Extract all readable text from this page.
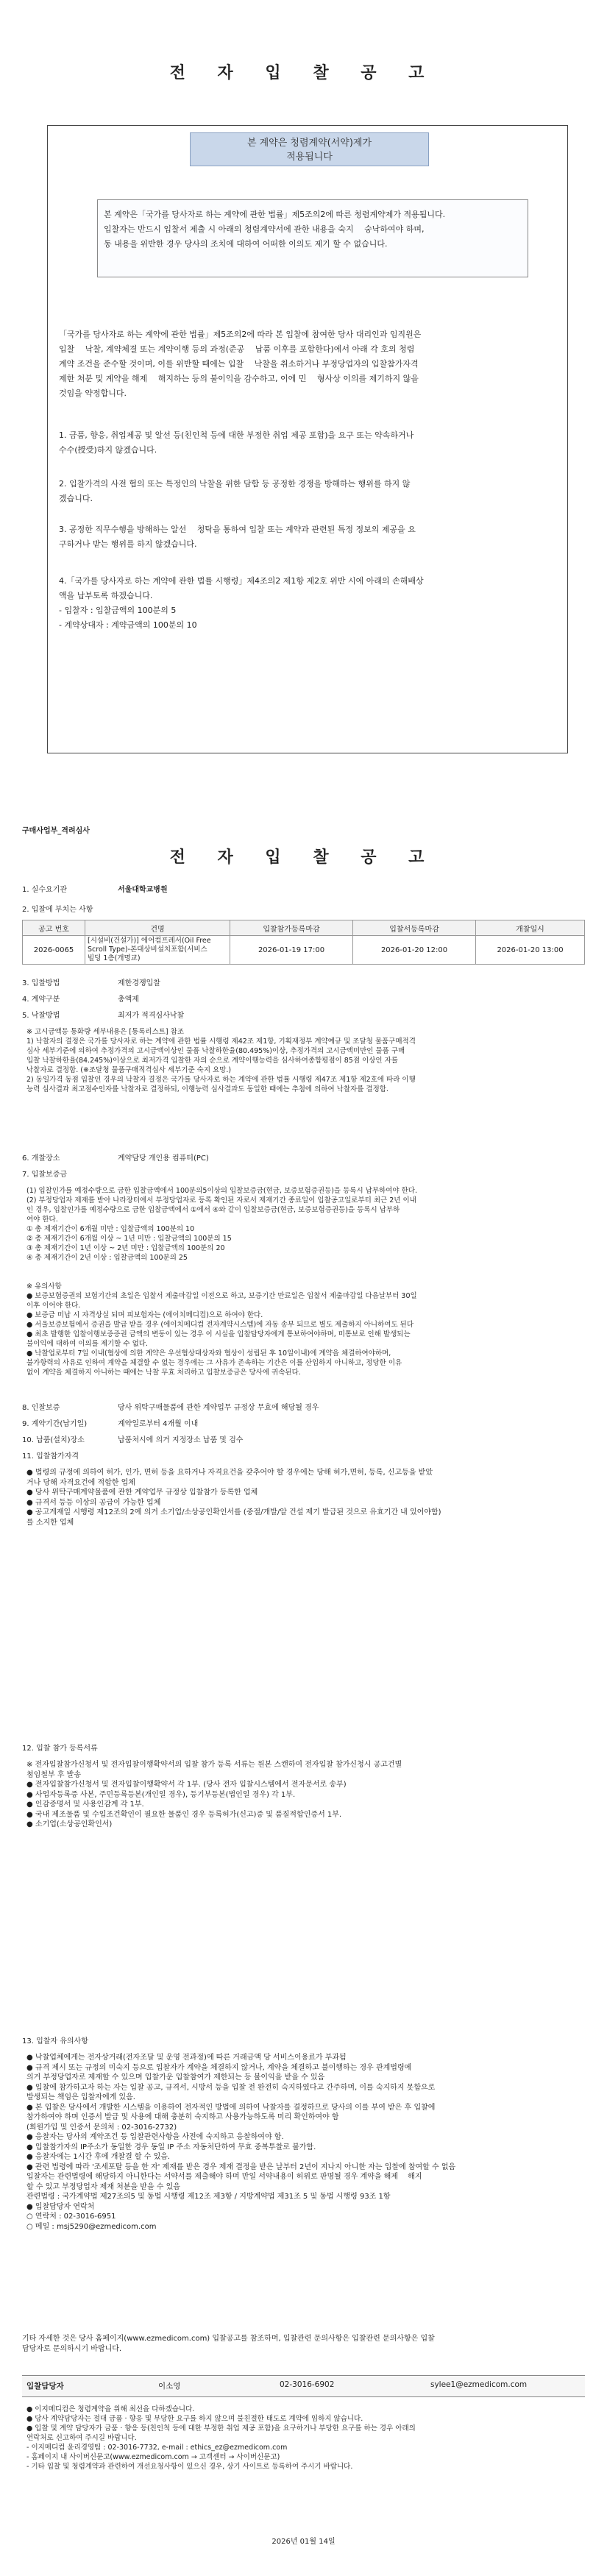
전 자 입 찰 공 고
본 계약은 청렴계약(서약)제가
적용됩니다
본 계약은「국가를 당사자로 하는 계약에 관한 법률」제5조의2에 따른 청렴계약제가 적용됩니다.
입찰자는 반드시 입찰서 제출 시 아래의 청렴계약서에 관한 내용을 숙지 　숭낙하여야 하며,
동 내용을 위반한 경우 당사의 조치에 대하여 어떠한 이의도 제기 할 수 없습니다.
「국가를 당사자로 하는 계약에 관한 법률」제5조의2에 따라 본 입찰에 참여한 당사 대리인과 임직원은
입찰 　낙찰, 계약체결 또는 계약이행 등의 과정(준공 　납품 이후를 포함한다)에서 아래 각 호의 청렴
계약 조건을 준수할 것이며, 이를 위반할 때에는 입찰 　낙찰을 취소하거나 부정당업자의 입찰참가자격
제한 처분 및 계약을 해제 　해지하는 등의 불이익을 감수하고, 이에 민 　형사상 이의를 제기하지 않을
것임을 약정합니다.
1. 금품, 향응, 취업제공 및 알선 등(친인척 등에 대한 부정한 취업 제공 포함)을 요구 또는 약속하거나
수수(授受)하지 않겠습니다.
2. 입찰가격의 사전 협의 또는 특정인의 낙찰을 위한 담합 등 공정한 경쟁을 방해하는 행위를 하지 않
겠습니다.
3. 공정한 직무수행을 방해하는 알선 　청탁을 통하여 입찰 또는 계약과 관련된 특정 정보의 제공을 요
구하거나 받는 행위를 하지 않겠습니다.
4.「국가를 당사자로 하는 계약에 관한 법률 시행령」제4조의2 제1항 제2호 위반 시에 아래의 손해배상
액을 납부토록 하겠습니다.
- 입찰자 : 입찰금액의 100분의 5
- 계약상대자 : 계약금액의 100분의 10
구매사업부_격려심사
전 자 입 찰 공 고
1. 실수요기관	서울대학교병원
2. 입찰에 부치는 사항
공고 번호	건명	입찰참가등록마감	입찰서등록마감	개찰일시
2026-0065	[시설비(건설가)] 에어컴프레서(Oil Free
Scroll Type)-본대상비설치포함(서비스
빌딩 1층(개명교)	2026-01-19 17:00	2026-01-20 12:00	2026-01-20 13:00
3. 입찰방법	제한경쟁입찰
4. 계약구분	총액제
5. 낙찰방법	최저가 적격심사낙찰
※ 고시금액등 통화량 세부내용은 [통록리스트] 참조
1) 낙찰자의 결정은 국가를 당사자로 하는 계약에 관한 법률 시행령 제42조 제1항, 기획재정부 계약예규 및 조달청 물품구매적격
심사 세부기준에 의하여 추정가격의 고시금액이상인 물품 낙찰하한율(80.495%)이상, 추정가격의 고시금액미만인 물품 구매
입찰 낙찰하한율(84.245%)이상으로 최저가격 입찰한 자의 순으로 계약이행능력을 심사하여종합평점이 85점 이상인 자를
낙찰자로 결정함. (※조달청 물품구매적격심사 세부기준 숙지 요망.)
2) 동일가격 동점 입찰인 경우의 낙찰자 결정은 국가를 당사자로 하는 계약에 관한 법률 시행령 제47조 제1항 제2호에 따라 이행
능력 심사결과 최고점수인자를 낙찰자로 결정하되, 이행능력 심사결과도 동일한 때에는 추첨에 의하여 낙찰자를 결정함.
6. 개찰장소	계약담당 개인용 컴퓨터(PC)
7. 입찰보증금
(1) 입찰인가를 예정수량으로 금한 입찰금액에서 100분의5이상의 입찰보증금(현금, 보증보험증권등)을 등록시 납부하여야 한다.
(2) 부정당업자 제재를 받아 나라장터에서 부정당업자로 등록 확인된 자로서 제재기간 종료일이 입찰공고일로부터 최근 2년 이내
인 경우, 입찰인가를 예정수량으로 금한 입찰금액에서 ①에서 ④와 같이 입찰보증금(현금, 보증보험증권등)을 등록시 납부하
여야 한다.
① 총 제재기간이 6개월 미만 : 입찰금액의 100분의 10
② 총 제재기간이 6개월 이상 ~ 1년 미만 : 입찰금액의 100분의 15
③ 총 제재기간이 1년 이상 ~ 2년 미만 : 입찰금액의 100분의 20
④ 총 제재기간이 2년 이상 : 입찰금액의 100분의 25
※ 유의사항
● 보증보험증권의 보험기간의 초일은 입찰서 제출마감일 이전으로 하고, 보증기간 만료일은 입찰서 제출마감일 다음날부터 30일
이후 이어야 한다.
● 보증금 미납 시 자격상실 되며 피보험자는 (에이치메디컴)으로 하여야 한다.
● 서울보증보험에서 증권을 발급 받을 경우 (에이치메디컴 전자계약시스템)에 자동 송부 되므로 별도 제출하지 아니하여도 된다
● 최초 발행한 입찰이행보증증권 금액의 변동이 있는 경우 이 시실을 입찰담당자에게 통보하여야하며, 미통보로 인해 발생되는
불이익에 대하여 이의를 제기할 수 없다.
● 낙찰업로부터 7일 이내(협상에 의한 계약은 우선협상대상자와 협상이 성립된 후 10일이내)에 계약을 체결하여야하며,
불가항력의 사유로 인하여 계약을 체결할 수 없는 경우에는 그 사유가 존속하는 기간은 이를 산입하지 아니하고, 정당한 이유
없이 계약을 체결하지 아니하는 때에는 낙찰 무효 처리하고 입찰보증금은 당사에 귀속된다.
8. 인찰보증	당사 위탁구매물품에 관한 계약업무 규정상 무효에 해당될 경우
9. 계약기간(납기일)	계약일로부터 4개월 이내
10. 납품(설치)장소	납품처시에 의거 지정장소 납품 및 검수
11. 입찰참가자격
● 법령의 규정에 의하여 허가, 인가, 면허 등을 요하거나 자격요건을 갖추어야 할 경우에는 당해 허가,면허, 등록, 신고등을 받았
거나 당해 자격요건에 적합한 업체
● 당사 위탁구매계약물품에 관한 계약업무 규정상 입찰참가 등록한 업체
● 규격서 등등 이상의 공급이 가능한 업체
● 공고게재일 시행령 제12조의 2에 의거 소기업/소상공인확인서를 (중절/개발/알 건설 제기 발급된 것으로 유효기간 내 있어야함)
를 소지한 업체
12. 입찰 참가 등록서류
※ 전자입찰참가신청서 및 전자입찰이행확약서의 입찰 참가 등록 서류는 원본 스캔하여 전자입찰 참가신청시 공고건별
첨임철부 후 발송
● 전자입찰참가신청서 및 전자입찰이행확약서 각 1부. (당사 전자 입찰시스템에서 전자문서로 송부)
● 사업자등록증 사본, 주민등록등본(개인일 경우), 등기부등본(법인일 경우) 각 1부.
● 인감증명서 및 사용인감계 각 1부.
● 국내 제조물품 및 수입조건확인이 필요한 물품인 경우 등록허가(신고)증 및 품질적합인증서 1부.
● 소기업(소상공인확인서)
13. 입찰자 유의사항
● 낙찰업체에게는 전자상거래(전자조달 및 운영 전과정)에 따른 거래금액 당 서비스이용료가 부과됨
● 규격 제시 또는 규정의 미숙지 등으로 입찰자가 계약을 체결하지 않거나, 계약을 체결하고 불이행하는 경우 관계법령에
의거 부정당업자로 제재할 수 있으며 입찰가운 입찰참여가 제한되는 등 불이익을 받을 수 있음
● 입찰에 참가하고자 하는 자는 입찰 공고, 규격서, 시방서 등을 입찰 전 완전히 숙지하였다고 간주하며, 이를 숙지하지 못함으로
발생되는 책임은 입찰자에게 있음.
● 본 입찰은 당사에서 개발한 시스템을 이용하여 전자적인 방법에 의하여 낙찰자를 결정하므로 당사의 이를 부여 받은 후 입찰에
참가하여야 하며 인증서 발급 및 사용에 대해 충분히 숙지하고 사용가능하도록 미리 확인하여야 함
(회원가입 및 인증서 문의처 : 02-3016-2732)
● 응찰자는 당사의 계약조건 등 입찰관련사항을 사전에 숙지하고 응찰하여야 함.
● 입찰참가자의 IP주소가 동일한 경우 동일 IP 주소 자동처단하여 무효 중복투찰로 불가함.
● 응찰자에는 1시간 후에 개찰결 할 수 있음.
● 관련 법령에 따라 '조세포탈 등을 한 자' 제재를 받은 경우 제재 결정을 받은 날부터 2년이 지나지 아니한 자는 입찰에 참여할 수 없음
입찰자는 관련법령에 해당하지 아니한다는 서약서를 제출해야 하며 만일 서약내용이 허위로 판명될 경우 계약을 해제 　해지
할 수 있고 부정당업자 제재 처분을 받을 수 있음
관련법령 : 국가계약법 제27조의5 및 동법 시행령 제12조 제3항 / 지방계약법 제31조 5 및 동법 시행령 93조 1항
● 입찰담당자 연락처
○ 연락처 : 02-3016-6951
○ 메일 : msj5290@ezmedicom.com
기타 자세한 것은 당사 홈페이지(www.ezmedicom.com) 입찰공고를 참조하며, 입찰관련 문의사항은 입찰관련 문의사항은 입찰
담당자로 문의하시기 바랍니다.
입찰담당자	이소영	02-3016-6902	sylee1@ezmedicom.com
● 이지메디컴은 청렴계약을 위해 최선을 다하겠습니다.
● 당사 계약담당자는 절대 금품 · 향응 및 부당한 요구를 하지 않으며 불친절한 태도로 계약에 임하지 않습니다.
● 입찰 및 계약 담당자가 금품 · 향응 등(친인척 등에 대한 부정한 취업 제공 포함)을 요구하거나 부당한 요구를 하는 경우 아래의
연락처로 신고하여 주시길 바랍니다.
- 이지메디컴 윤리경영팀 : 02-3016-7732, e-mail : ethics_ez@ezmedicom.com
- 홈페이지 내 사이버신문고(www.ezmedicom.com → 고객센터 → 사이버신문고)
- 기타 입찰 및 청렴계약과 관련하여 개선요청사항이 있으신 경우, 상기 사이트로 등록하여 주시기 바랍니다.
2026년 01월 14일
